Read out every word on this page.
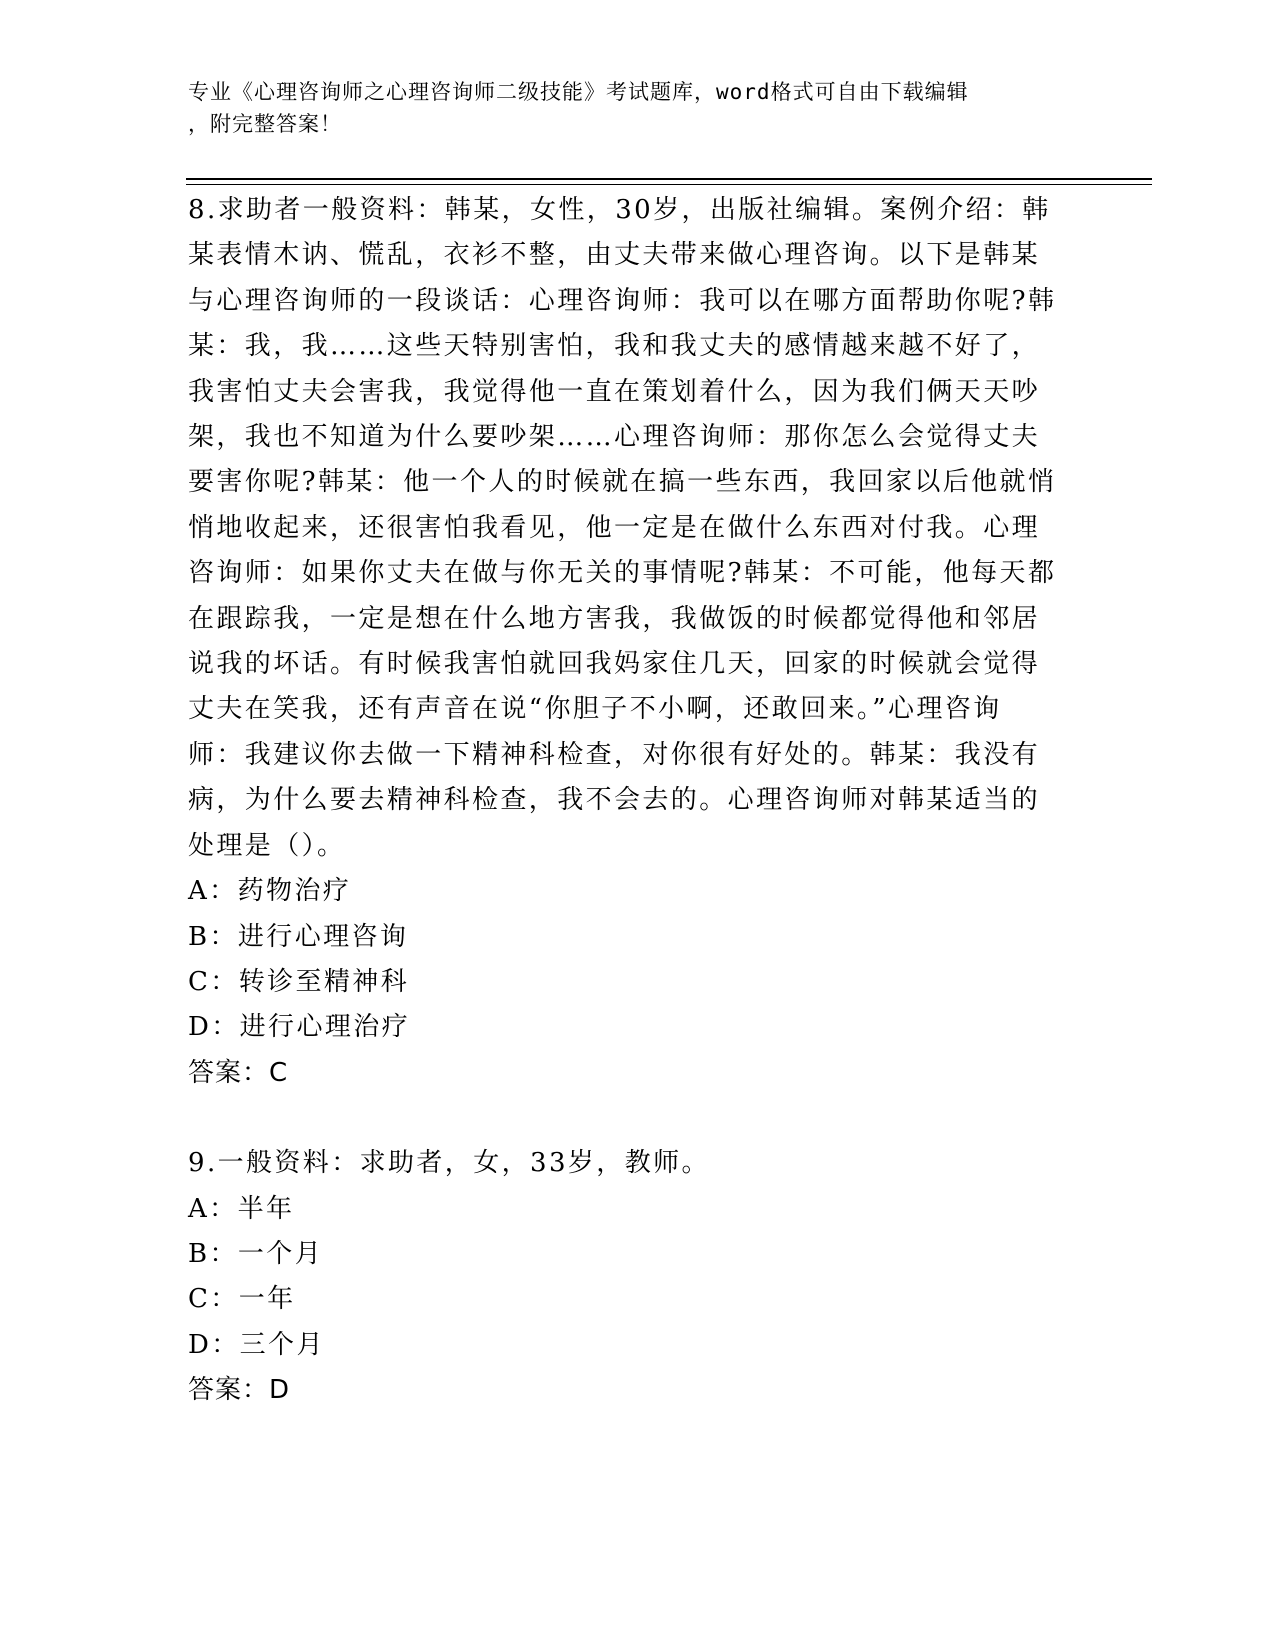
专业《心理咨询师之心理咨询师二级技能》考试题库，word格式可自由下载编辑
，附完整答案！
8.求助者一般资料：韩某，女性，30岁，出版社编辑。案例介绍：韩
某表情木讷、慌乱，衣衫不整，由丈夫带来做心理咨询。以下是韩某
与心理咨询师的一段谈话：心理咨询师：我可以在哪方面帮助你呢?韩
某：我，我……这些天特别害怕，我和我丈夫的感情越来越不好了，
我害怕丈夫会害我，我觉得他一直在策划着什么，因为我们俩天天吵
架，我也不知道为什么要吵架……心理咨询师：那你怎么会觉得丈夫
要害你呢?韩某：他一个人的时候就在搞一些东西，我回家以后他就悄
悄地收起来，还很害怕我看见，他一定是在做什么东西对付我。心理
咨询师：如果你丈夫在做与你无关的事情呢?韩某：不可能，他每天都
在跟踪我，一定是想在什么地方害我，我做饭的时候都觉得他和邻居
说我的坏话。有时候我害怕就回我妈家住几天，回家的时候就会觉得
丈夫在笑我，还有声音在说“你胆子不小啊，还敢回来。”心理咨询
师：我建议你去做一下精神科检查，对你很有好处的。韩某：我没有
病，为什么要去精神科检查，我不会去的。心理咨询师对韩某适当的
处理是（）。
A：药物治疗
B：进行心理咨询
C：转诊至精神科
D：进行心理治疗
答案：C
9.一般资料：求助者，女，33岁，教师。
A：半年
B：一个月
C：一年
D：三个月
答案：D
